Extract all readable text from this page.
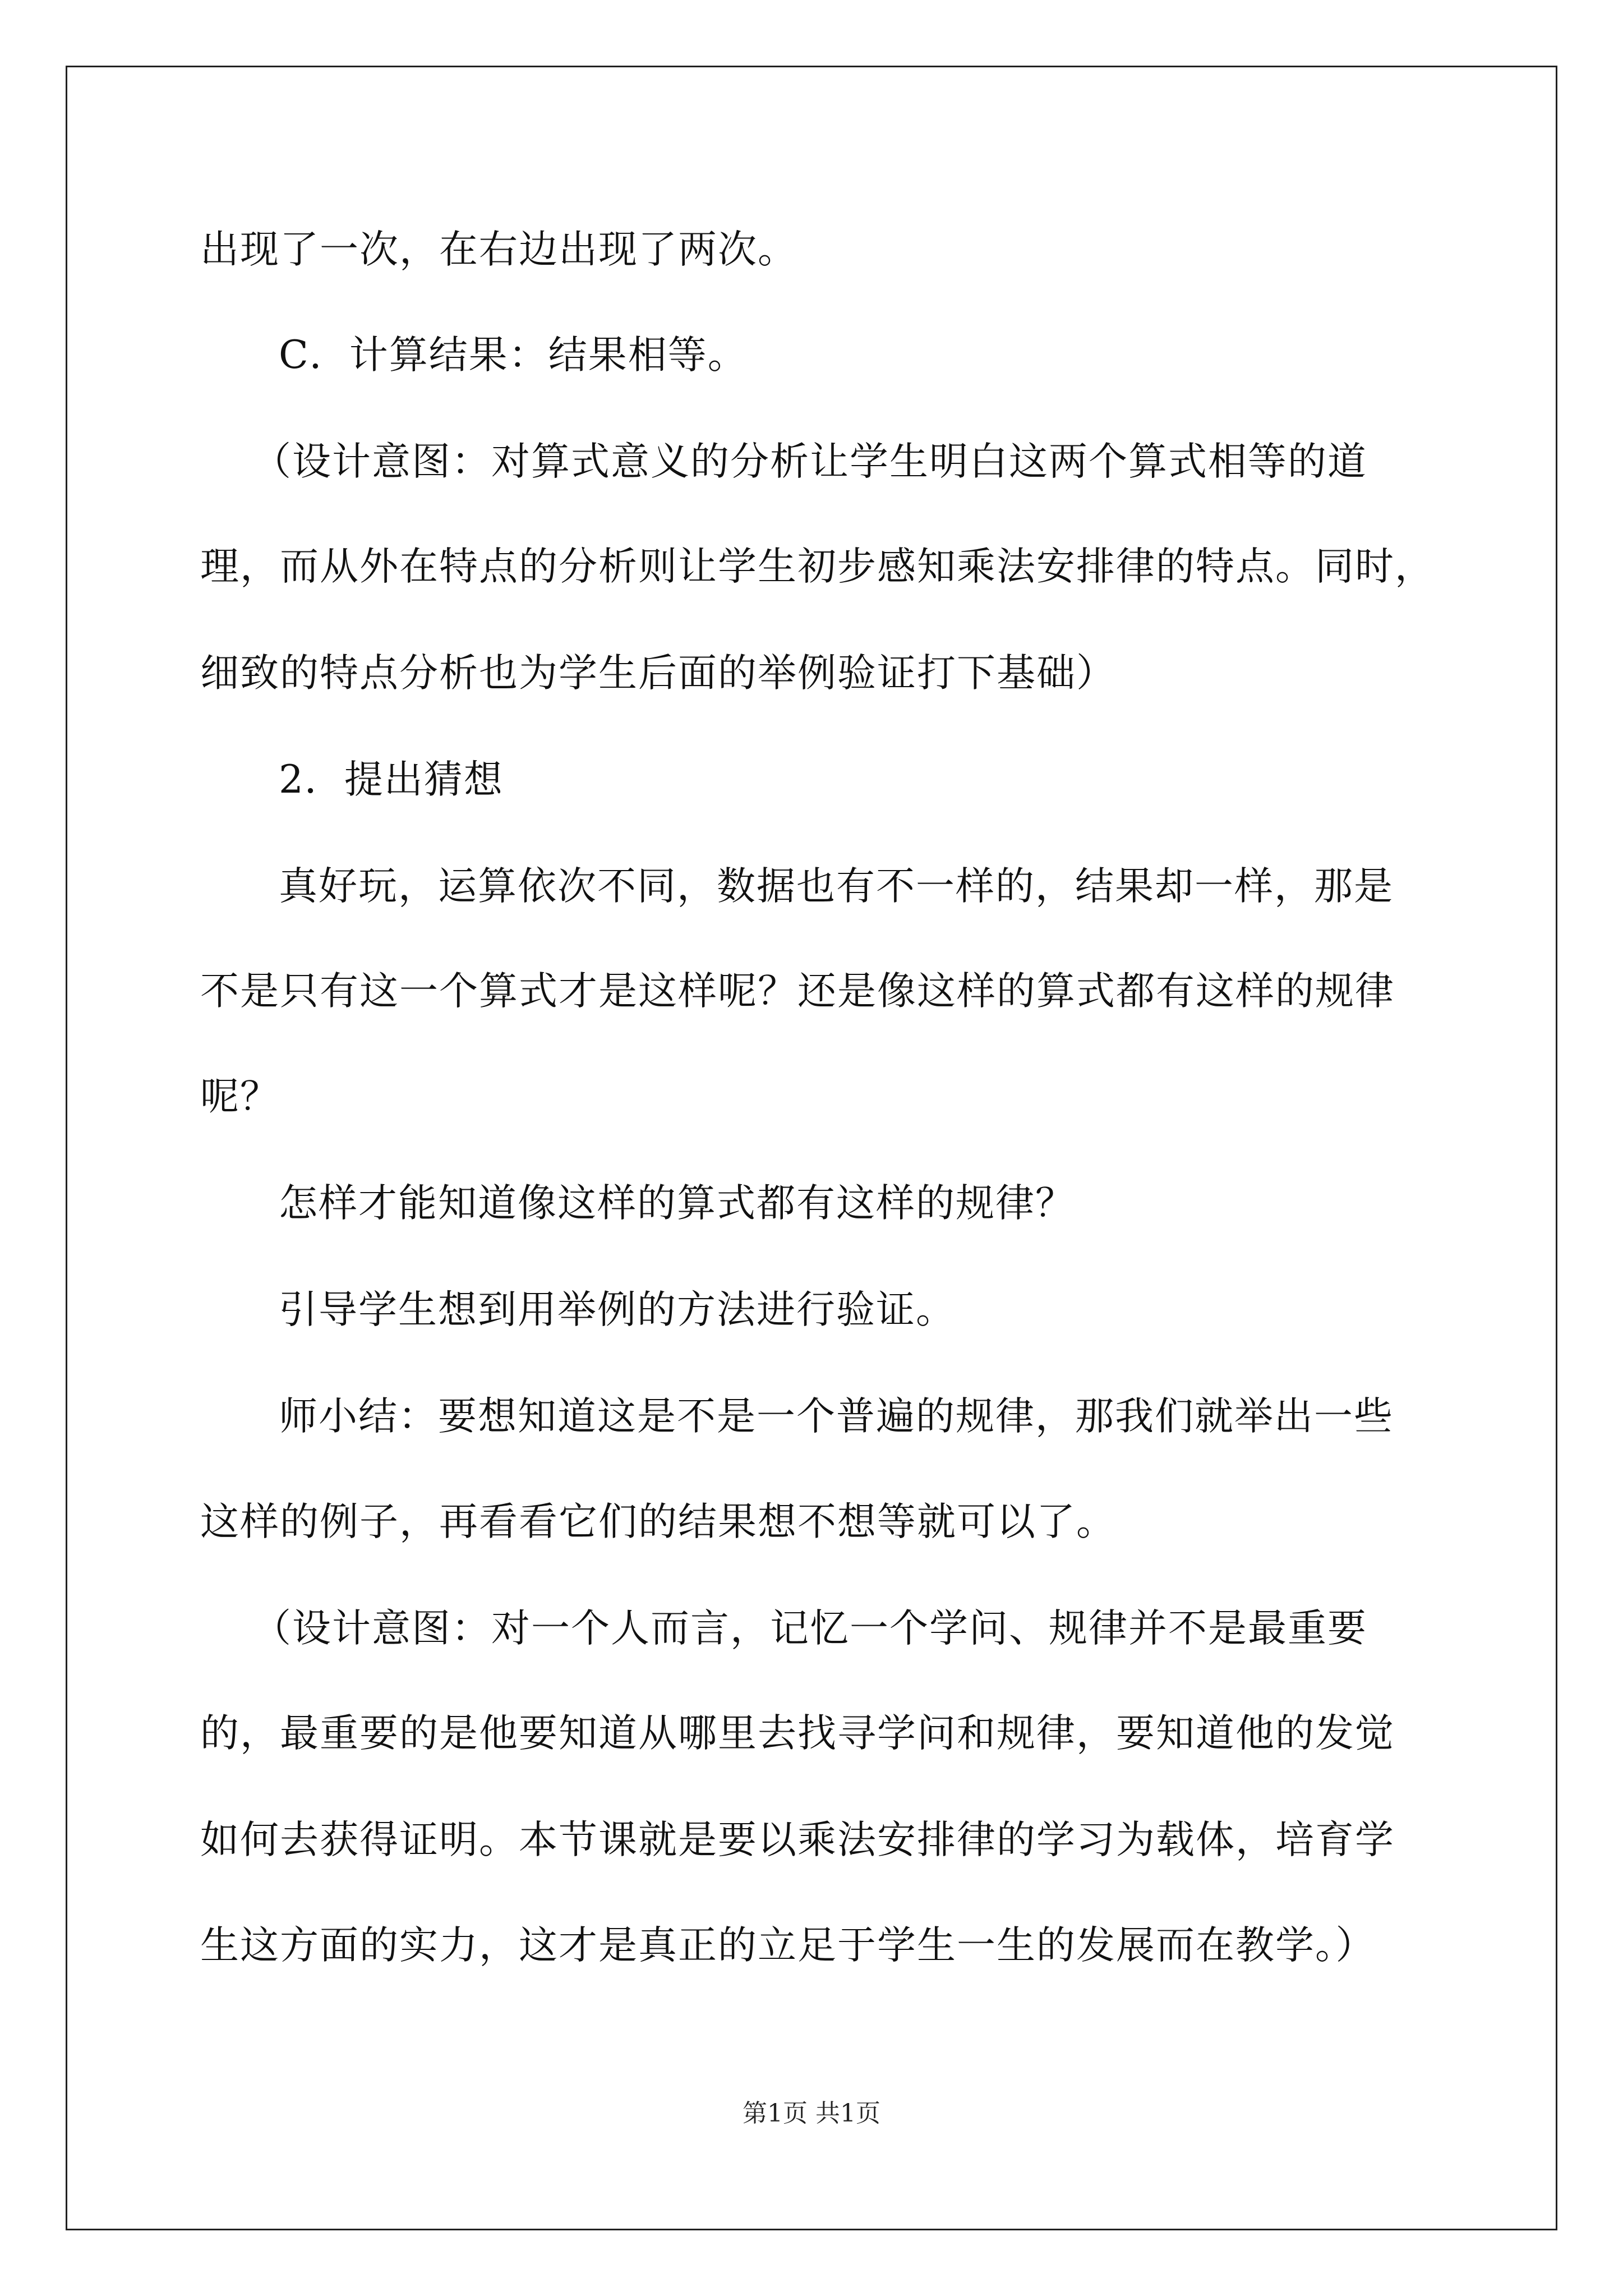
出现了一次，在右边出现了两次。
C．计算结果：结果相等。
（设计意图：对算式意义的分析让学生明白这两个算式相等的道
理，而从外在特点的分析则让学生初步感知乘法安排律的特点。同时，
细致的特点分析也为学生后面的举例验证打下基础）
2．提出猜想
真好玩，运算依次不同，数据也有不一样的，结果却一样，那是
不是只有这一个算式才是这样呢？还是像这样的算式都有这样的规律
呢？
怎样才能知道像这样的算式都有这样的规律？
引导学生想到用举例的方法进行验证。
师小结：要想知道这是不是一个普遍的规律，那我们就举出一些
这样的例子，再看看它们的结果想不想等就可以了。
（设计意图：对一个人而言，记忆一个学问、规律并不是最重要
的，最重要的是他要知道从哪里去找寻学问和规律，要知道他的发觉
如何去获得证明。本节课就是要以乘法安排律的学习为载体，培育学
生这方面的实力，这才是真正的立足于学生一生的发展而在教学。）
第1页 共1页
